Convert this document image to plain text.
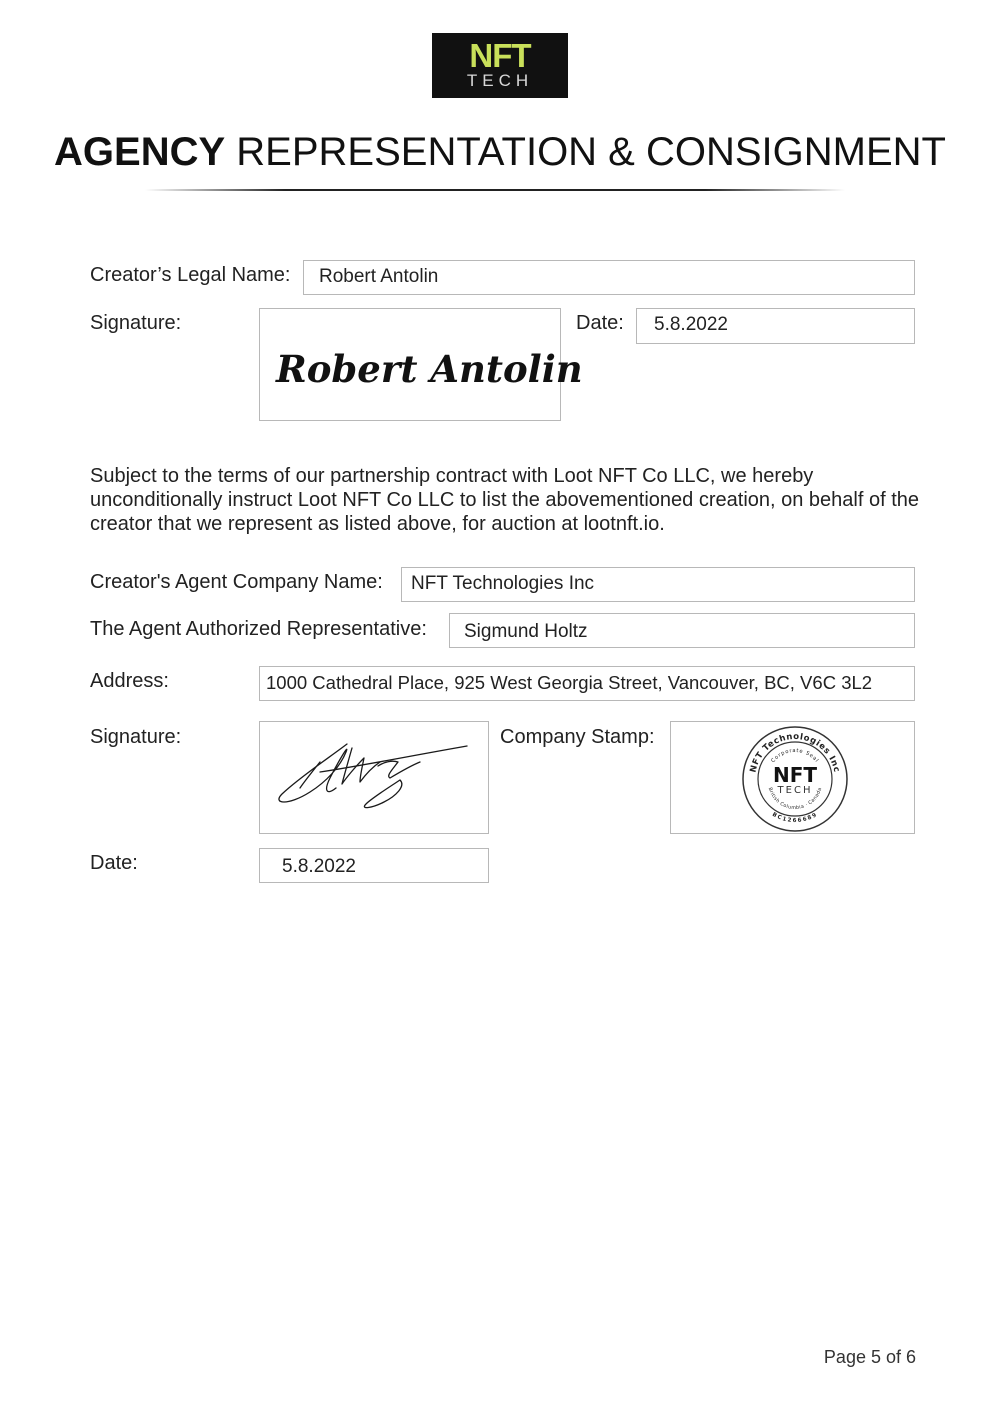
NFT
TECH
AGENCY REPRESENTATION & CONSIGNMENT
Creator’s Legal Name:	Robert Antolin
Signature:
Robert Antolin
Date:	5.8.2022
Subject to the terms of our partnership contract with Loot NFT Co LLC, we hereby unconditionally instruct Loot NFT Co LLC to list the abovementioned creation, on behalf of the creator that we represent as listed above, for auction at lootnft.io.
Creator's Agent Company Name:	NFT Technologies Inc
The Agent Authorized Representative:	Sigmund Holtz
Address:	1000 Cathedral Place, 925 West Georgia Street, Vancouver, BC, V6C 3L2
Signature:	Company Stamp:
NFT Technologies Inc
Corporate Seal
British Columbia · Canada
BC1266689
NFT
TECH
Date:	5.8.2022
Page 5 of 6
